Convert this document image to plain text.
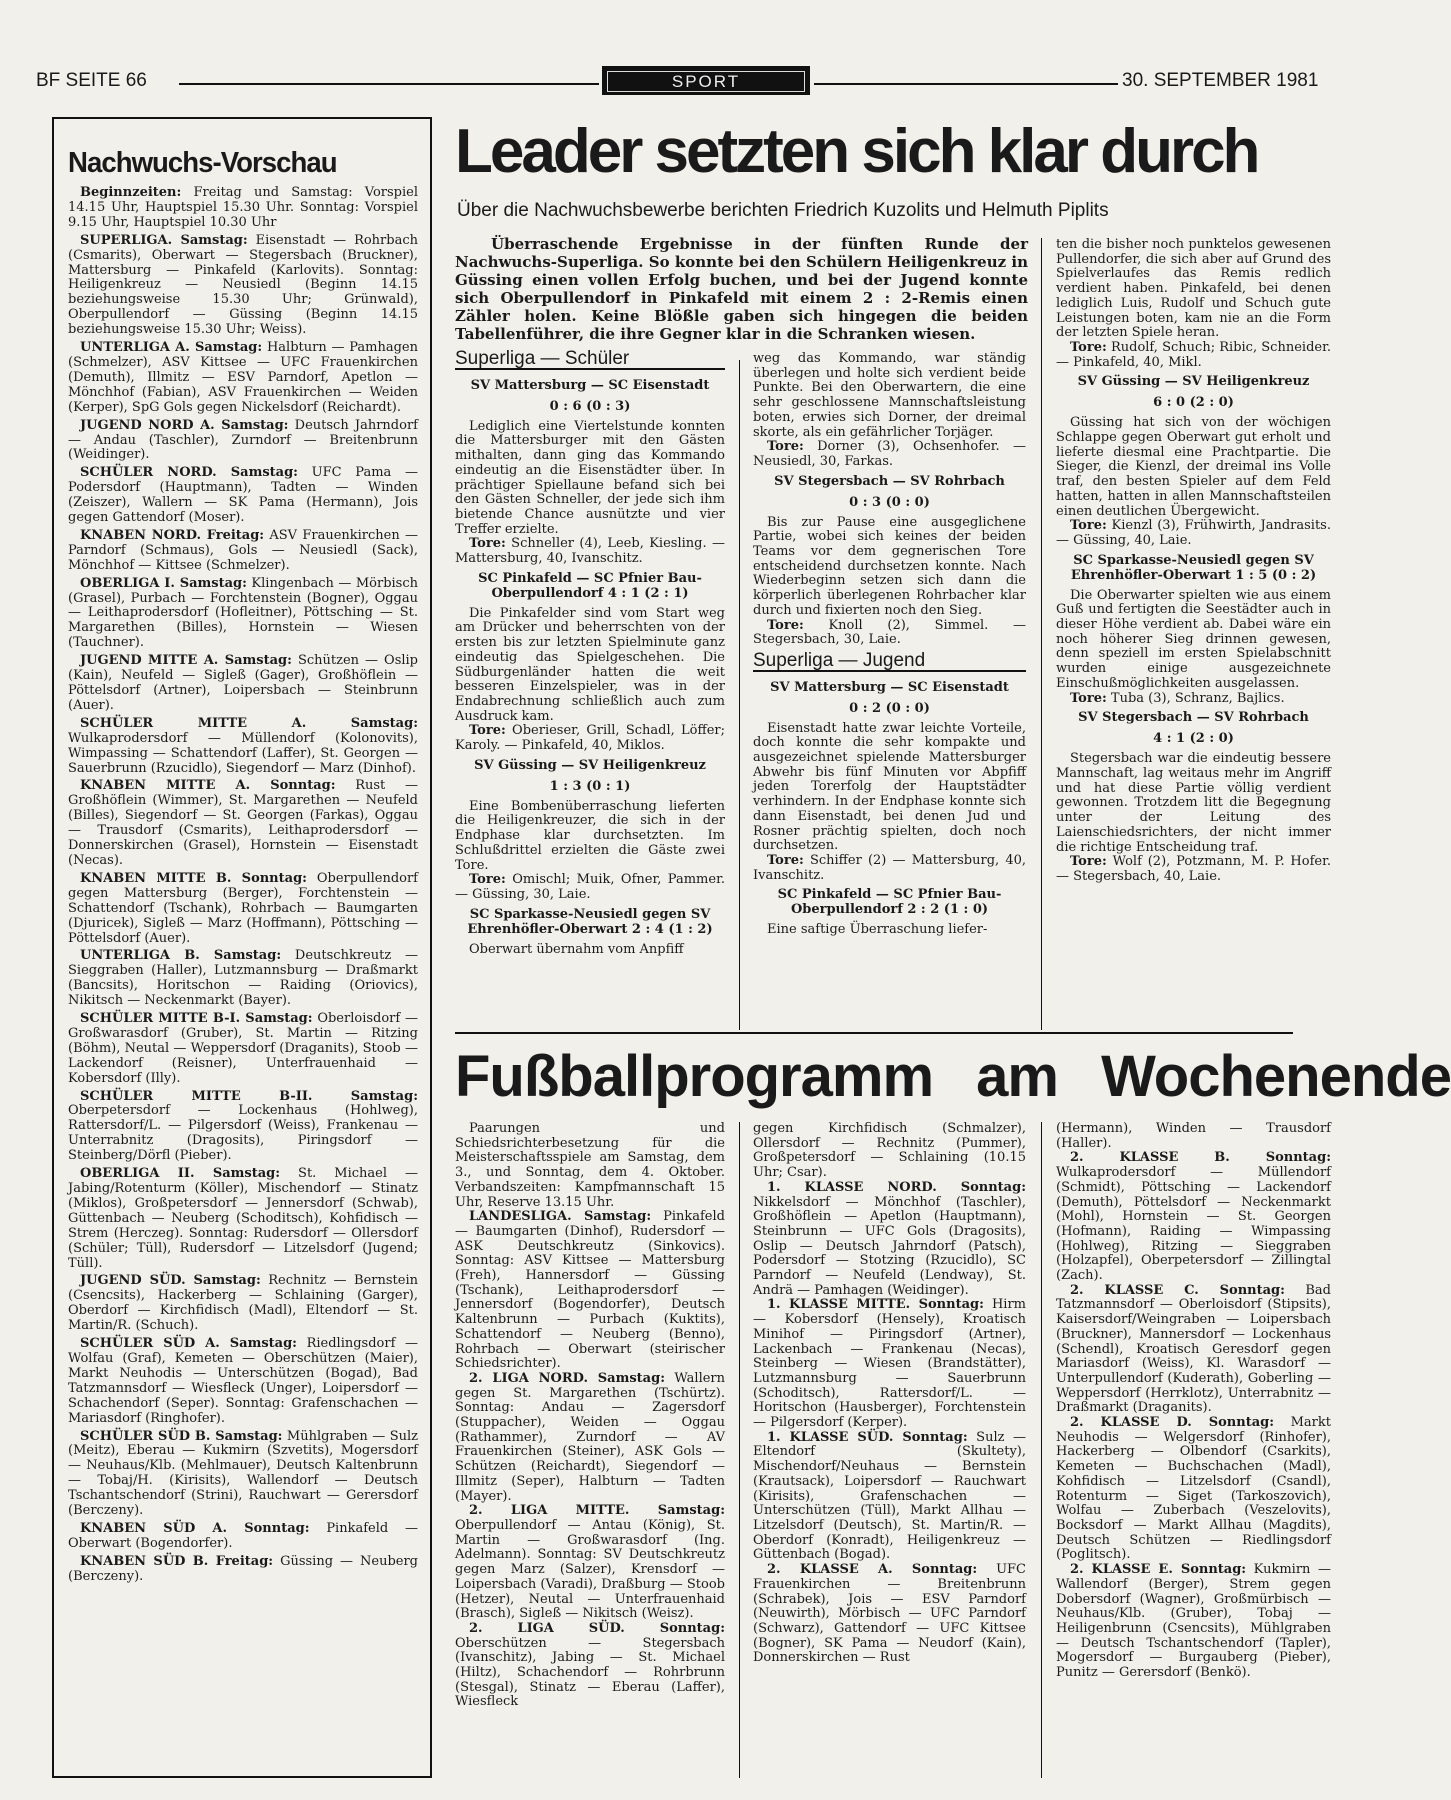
BF SEITE 66	SPORT	30. SEPTEMBER 1981
Nachwuchs-Vorschau

Beginnzeiten: Freitag und Samstag: Vorspiel 14.15 Uhr, Hauptspiel 15.30 Uhr. Sonntag: Vorspiel 9.15 Uhr, Hauptspiel 10.30 Uhr

SUPERLIGA. Samstag: Eisenstadt — Rohrbach (Csmarits), Oberwart — Stegersbach (Bruckner), Mattersburg — Pinkafeld (Karlovits). Sonntag: Heiligenkreuz — Neusiedl (Beginn 14.15 beziehungsweise 15.30 Uhr; Grünwald), Oberpullendorf — Güssing (Beginn 14.15 beziehungsweise 15.30 Uhr; Weiss).

UNTERLIGA A. Samstag: Halbturn — Pamhagen (Schmelzer), ASV Kittsee — UFC Frauenkirchen (Demuth), Illmitz — ESV Parndorf, Apetlon — Mönchhof (Fabian), ASV Frauenkirchen — Weiden (Kerper), SpG Gols gegen Nickelsdorf (Reichardt).

JUGEND NORD A. Samstag: Deutsch Jahrndorf — Andau (Taschler), Zurndorf — Breitenbrunn (Weidinger).

SCHÜLER NORD. Samstag: UFC Pama — Podersdorf (Hauptmann), Tadten — Winden (Zeiszer), Wallern — SK Pama (Hermann), Jois gegen Gattendorf (Moser).

KNABEN NORD. Freitag: ASV Frauenkirchen — Parndorf (Schmaus), Gols — Neusiedl (Sack), Mönchhof — Kittsee (Schmelzer).

OBERLIGA I. Samstag: Klingenbach — Mörbisch (Grasel), Purbach — Forchtenstein (Bogner), Oggau — Leithaprodersdorf (Hofleitner), Pöttsching — St. Margarethen (Billes), Hornstein — Wiesen (Tauchner).

JUGEND MITTE A. Samstag: Schützen — Oslip (Kain), Neufeld — Sigleß (Gager), Großhöflein — Pöttelsdorf (Artner), Loipersbach — Steinbrunn (Auer).

SCHÜLER MITTE A. Samstag: Wulkaprodersdorf — Müllendorf (Kolonovits), Wimpassing — Schattendorf (Laffer), St. Georgen — Sauerbrunn (Rzucidlo), Siegendorf — Marz (Dinhof).

KNABEN MITTE A. Sonntag: Rust — Großhöflein (Wimmer), St. Margarethen — Neufeld (Billes), Siegendorf — St. Georgen (Farkas), Oggau — Trausdorf (Csmarits), Leithaprodersdorf — Donnerskirchen (Grasel), Hornstein — Eisenstadt (Necas).

KNABEN MITTE B. Sonntag: Oberpullendorf gegen Mattersburg (Berger), Forchtenstein — Schattendorf (Tschank), Rohrbach — Baumgarten (Djuricek), Sigleß — Marz (Hoffmann), Pöttsching — Pöttelsdorf (Auer).

UNTERLIGA B. Samstag: Deutschkreutz — Sieggraben (Haller), Lutzmannsburg — Draßmarkt (Bancsits), Horitschon — Raiding (Oriovics), Nikitsch — Neckenmarkt (Bayer).

SCHÜLER MITTE B-I. Samstag: Oberloisdorf — Großwarasdorf (Gruber), St. Martin — Ritzing (Böhm), Neutal — Weppersdorf (Draganits), Stoob — Lackendorf (Reisner), Unterfrauenhaid — Kobersdorf (Illy).

SCHÜLER MITTE B-II. Samstag: Oberpetersdorf — Lockenhaus (Hohlweg), Rattersdorf/L. — Pilgersdorf (Weiss), Frankenau — Unterrabnitz (Dragosits), Piringsdorf — Steinberg/Dörfl (Pieber).

OBERLIGA II. Samstag: St. Michael — Jabing/Rotenturm (Köller), Mischendorf — Stinatz (Miklos), Großpetersdorf — Jennersdorf (Schwab), Güttenbach — Neuberg (Schoditsch), Kohfidisch — Strem (Herczeg). Sonntag: Rudersdorf — Ollersdorf (Schüler; Tüll), Rudersdorf — Litzelsdorf (Jugend; Tüll).

JUGEND SÜD. Samstag: Rechnitz — Bernstein (Csencsits), Hackerberg — Schlaining (Garger), Oberdorf — Kirchfidisch (Madl), Eltendorf — St. Martin/R. (Schuch).

SCHÜLER SÜD A. Samstag: Riedlingsdorf — Wolfau (Graf), Kemeten — Oberschützen (Maier), Markt Neuhodis — Unterschützen (Bogad), Bad Tatzmannsdorf — Wiesfleck (Unger), Loipersdorf — Schachendorf (Seper). Sonntag: Grafenschachen — Mariasdorf (Ringhofer).

SCHÜLER SÜD B. Samstag: Mühlgraben — Sulz (Meitz), Eberau — Kukmirn (Szvetits), Mogersdorf — Neuhaus/Klb. (Mehlmauer), Deutsch Kaltenbrunn — Tobaj/H. (Kirisits), Wallendorf — Deutsch Tschantschendorf (Strini), Rauchwart — Gerersdorf (Berczeny).

KNABEN SÜD A. Sonntag: Pinkafeld — Oberwart (Bogendorfer).

KNABEN SÜD B. Freitag: Güssing — Neuberg (Berczeny).

Leader setzten sich klar durch
Über die Nachwuchsbewerbe berichten Friedrich Kuzolits und Helmuth Piplits

Überraschende Ergebnisse in der fünften Runde der Nachwuchs-Superliga. So konnte bei den Schülern Heiligenkreuz in Güssing einen vollen Erfolg buchen, und bei der Jugend konnte sich Oberpullendorf in Pinkafeld mit einem 2 : 2-Remis einen Zähler holen. Keine Blößle gaben sich hingegen die beiden Tabellenführer, die ihre Gegner klar in die Schranken wiesen.

Superliga — Schüler
SV Mattersburg — SC Eisenstadt
0 : 6 (0 : 3)

Lediglich eine Viertelstunde konnten die Mattersburger mit den Gästen mithalten, dann ging das Kommando eindeutig an die Eisenstädter über. In prächtiger Spiellaune befand sich bei den Gästen Schneller, der jede sich ihm bietende Chance ausnützte und vier Treffer erzielte.

Tore: Schneller (4), Leeb, Kiesling. — Mattersburg, 40, Ivanschitz.

SC Pinkafeld — SC Pfnier Bau-Oberpullendorf 4 : 1 (2 : 1)

Die Pinkafelder sind vom Start weg am Drücker und beherrschten von der ersten bis zur letzten Spielminute ganz eindeutig das Spielgeschehen. Die Südburgenländer hatten die weit besseren Einzelspieler, was in der Endabrechnung schließlich auch zum Ausdruck kam.

Tore: Oberieser, Grill, Schadl, Löffer; Karoly. — Pinkafeld, 40, Miklos.

SV Güssing — SV Heiligenkreuz
1 : 3 (0 : 1)

Eine Bombenüberraschung lieferten die Heiligenkreuzer, die sich in der Endphase klar durchsetzten. Im Schlußdrittel erzielten die Gäste zwei Tore.

Tore: Omischl; Muik, Ofner, Pammer. — Güssing, 30, Laie.

SC Sparkasse-Neusiedl gegen SV Ehrenhöfler-Oberwart 2 : 4 (1 : 2)

Oberwart übernahm vom Anpfiff

weg das Kommando, war ständig überlegen und holte sich verdient beide Punkte. Bei den Oberwartern, die eine sehr geschlossene Mannschaftsleistung boten, erwies sich Dorner, der dreimal skorte, als ein gefährlicher Torjäger.

Tore: Dorner (3), Ochsenhofer. — Neusiedl, 30, Farkas.

SV Stegersbach — SV Rohrbach
0 : 3 (0 : 0)

Bis zur Pause eine ausgeglichene Partie, wobei sich keines der beiden Teams vor dem gegnerischen Tore entscheidend durchsetzen konnte. Nach Wiederbeginn setzen sich dann die körperlich überlegenen Rohrbacher klar durch und fixierten noch den Sieg.

Tore: Knoll (2), Simmel. — Stegersbach, 30, Laie.

Superliga — Jugend
SV Mattersburg — SC Eisenstadt
0 : 2 (0 : 0)

Eisenstadt hatte zwar leichte Vorteile, doch konnte die sehr kompakte und ausgezeichnet spielende Mattersburger Abwehr bis fünf Minuten vor Abpfiff jeden Torerfolg der Hauptstädter verhindern. In der Endphase konnte sich dann Eisenstadt, bei denen Jud und Rosner prächtig spielten, doch noch durchsetzen.

Tore: Schiffer (2) — Mattersburg, 40, Ivanschitz.

SC Pinkafeld — SC Pfnier Bau-Oberpullendorf 2 : 2 (1 : 0)

Eine saftige Überraschung liefer-

ten die bisher noch punktelos gewesenen Pullendorfer, die sich aber auf Grund des Spielverlaufes das Remis redlich verdient haben. Pinkafeld, bei denen lediglich Luis, Rudolf und Schuch gute Leistungen boten, kam nie an die Form der letzten Spiele heran.

Tore: Rudolf, Schuch; Ribic, Schneider. — Pinkafeld, 40, Mikl.

SV Güssing — SV Heiligenkreuz
6 : 0 (2 : 0)

Güssing hat sich von der wöchigen Schlappe gegen Oberwart gut erholt und lieferte diesmal eine Prachtpartie. Die Sieger, die Kienzl, der dreimal ins Volle traf, den besten Spieler auf dem Feld hatten, hatten in allen Mannschaftsteilen einen deutlichen Übergewicht.

Tore: Kienzl (3), Frühwirth, Jandrasits. — Güssing, 40, Laie.

SC Sparkasse-Neusiedl gegen SV Ehrenhöfler-Oberwart 1 : 5 (0 : 2)

Die Oberwarter spielten wie aus einem Guß und fertigten die Seestädter auch in dieser Höhe verdient ab. Dabei wäre ein noch höherer Sieg drinnen gewesen, denn speziell im ersten Spielabschnitt wurden einige ausgezeichnete Einschußmöglichkeiten ausgelassen.

Tore: Tuba (3), Schranz, Bajlics.

SV Stegersbach — SV Rohrbach
4 : 1 (2 : 0)

Stegersbach war die eindeutig bessere Mannschaft, lag weitaus mehr im Angriff und hat diese Partie völlig verdient gewonnen. Trotzdem litt die Begegnung unter der Leitung des Laienschiedsrichters, der nicht immer die richtige Entscheidung traf.

Tore: Wolf (2), Potzmann, M. P. Hofer. — Stegersbach, 40, Laie.

Fußballprogramm am Wochenende

Paarungen und Schiedsrichterbesetzung für die Meisterschaftsspiele am Samstag, dem 3., und Sonntag, dem 4. Oktober. Verbandszeiten: Kampfmannschaft 15 Uhr, Reserve 13.15 Uhr.

LANDESLIGA. Samstag: Pinkafeld — Baumgarten (Dinhof), Rudersdorf — ASK Deutschkreutz (Sinkovics). Sonntag: ASV Kittsee — Mattersburg (Freh), Hannersdorf — Güssing (Tschank), Leithaprodersdorf — Jennersdorf (Bogendorfer), Deutsch Kaltenbrunn — Purbach (Kuktits), Schattendorf — Neuberg (Benno), Rohrbach — Oberwart (steirischer Schiedsrichter).

2. LIGA NORD. Samstag: Wallern gegen St. Margarethen (Tschürtz). Sonntag: Andau — Zagersdorf (Stuppacher), Weiden — Oggau (Rathammer), Zurndorf — AV Frauenkirchen (Steiner), ASK Gols — Schützen (Reichardt), Siegendorf — Illmitz (Seper), Halbturn — Tadten (Mayer).

2. LIGA MITTE. Samstag: Oberpullendorf — Antau (König), St. Martin — Großwarasdorf (Ing. Adelmann). Sonntag: SV Deutschkreutz gegen Marz (Salzer), Krensdorf — Loipersbach (Varadi), Draßburg — Stoob (Hetzer), Neutal — Unterfrauenhaid (Brasch), Sigleß — Nikitsch (Weisz).

2. LIGA SÜD. Sonntag: Oberschützen — Stegersbach (Ivanschitz), Jabing — St. Michael (Hiltz), Schachendorf — Rohrbrunn (Stesgal), Stinatz — Eberau (Laffer), Wiesfleck

gegen Kirchfidisch (Schmalzer), Ollersdorf — Rechnitz (Pummer), Großpetersdorf — Schlaining (10.15 Uhr; Csar).

1. KLASSE NORD. Sonntag: Nikkelsdorf — Mönchhof (Taschler), Großhöflein — Apetlon (Hauptmann), Steinbrunn — UFC Gols (Dragosits), Oslip — Deutsch Jahrndorf (Patsch), Podersdorf — Stotzing (Rzucidlo), SC Parndorf — Neufeld (Lendway), St. Andrä — Pamhagen (Weidinger).

1. KLASSE MITTE. Sonntag: Hirm — Kobersdorf (Hensely), Kroatisch Minihof — Piringsdorf (Artner), Lackenbach — Frankenau (Necas), Steinberg — Wiesen (Brandstätter), Lutzmannsburg — Sauerbrunn (Schoditsch), Rattersdorf/L. — Horitschon (Hausberger), Forchtenstein — Pilgersdorf (Kerper).

1. KLASSE SÜD. Sonntag: Sulz — Eltendorf (Skultety), Mischendorf/Neuhaus — Bernstein (Krautsack), Loipersdorf — Rauchwart (Kirisits), Grafenschachen — Unterschützen (Tüll), Markt Allhau — Litzelsdorf (Deutsch), St. Martin/R. — Oberdorf (Konradt), Heiligenkreuz — Güttenbach (Bogad).

2. KLASSE A. Sonntag: UFC Frauenkirchen — Breitenbrunn (Schrabek), Jois — ESV Parndorf (Neuwirth), Mörbisch — UFC Parndorf (Schwarz), Gattendorf — UFC Kittsee (Bogner), SK Pama — Neudorf (Kain), Donnerskirchen — Rust

(Hermann), Winden — Trausdorf (Haller).

2. KLASSE B. Sonntag: Wulkaprodersdorf — Müllendorf (Schmidt), Pöttsching — Lackendorf (Demuth), Pöttelsdorf — Neckenmarkt (Mohl), Hornstein — St. Georgen (Hofmann), Raiding — Wimpassing (Hohlweg), Ritzing — Sieggraben (Holzapfel), Oberpetersdorf — Zillingtal (Zach).

2. KLASSE C. Sonntag: Bad Tatzmannsdorf — Oberloisdorf (Stipsits), Kaisersdorf/Weingraben — Loipersbach (Bruckner), Mannersdorf — Lockenhaus (Schendl), Kroatisch Geresdorf gegen Mariasdorf (Weiss), Kl. Warasdorf — Unterpullendorf (Kuderath), Goberling — Weppersdorf (Herrklotz), Unterrabnitz — Draßmarkt (Draganits).

2. KLASSE D. Sonntag: Markt Neuhodis — Welgersdorf (Rinhofer), Hackerberg — Olbendorf (Csarkits), Kemeten — Buchschachen (Madl), Kohfidisch — Litzelsdorf (Csandl), Rotenturm — Siget (Tarkoszovich), Wolfau — Zuberbach (Veszelovits), Bocksdorf — Markt Allhau (Magdits), Deutsch Schützen — Riedlingsdorf (Poglitsch).

2. KLASSE E. Sonntag: Kukmirn — Wallendorf (Berger), Strem gegen Dobersdorf (Wagner), Großmürbisch — Neuhaus/Klb. (Gruber), Tobaj — Heiligenbrunn (Csencsits), Mühlgraben — Deutsch Tschantschendorf (Tapler), Mogersdorf — Burgauberg (Pieber), Punitz — Gerersdorf (Benkö).
